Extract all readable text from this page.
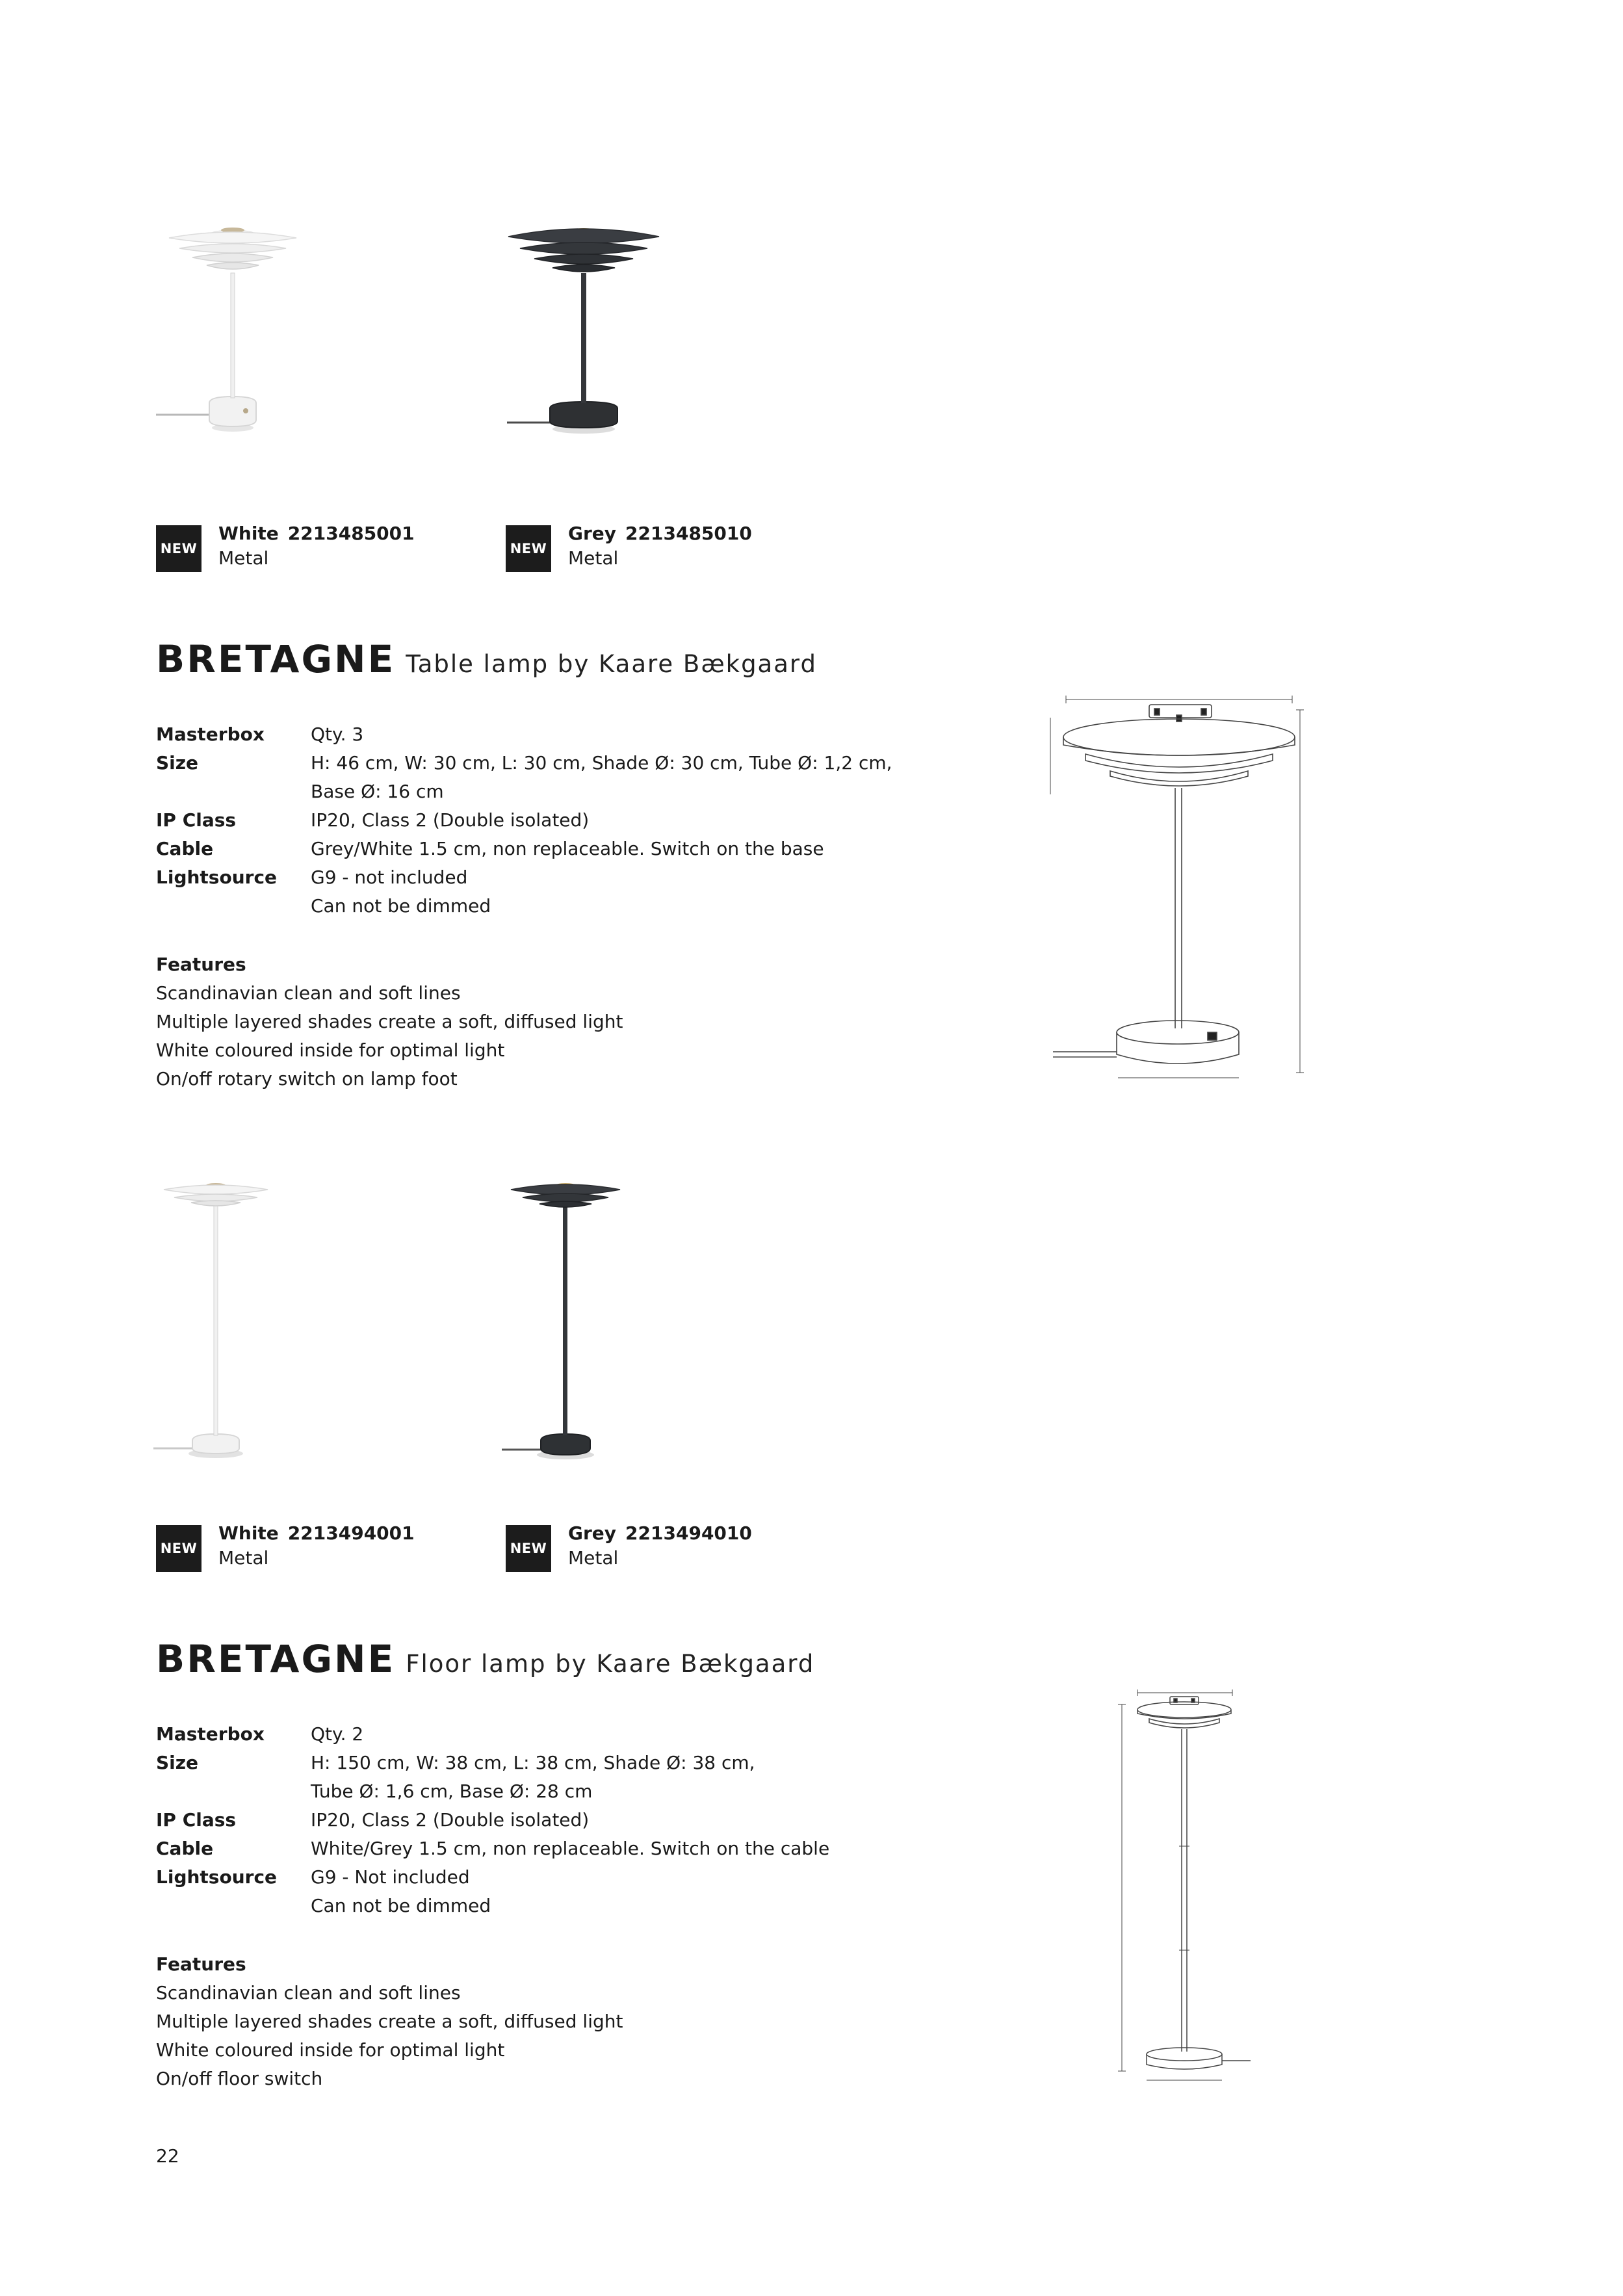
NEW
White 2213485001
Metal	NEW
Grey 2213485010
Metal
BRETAGNE Table lamp by Kaare Bækgaard
Masterbox	Qty. 3
Size	H: 46 cm, W: 30 cm, L: 30 cm, Shade Ø: 30 cm, Tube Ø: 1,2 cm,
Base Ø: 16 cm
IP Class	IP20, Class 2 (Double isolated)
Cable	Grey/White 1.5 cm, non replaceable. Switch on the base
Lightsource	G9 - not included
Can not be dimmed
Features
Scandinavian clean and soft lines
Multiple layered shades create a soft, diffused light
White coloured inside for optimal light
On/off rotary switch on lamp foot
NEW
White 2213494001
Metal	NEW
Grey 2213494010
Metal
BRETAGNE Floor lamp by Kaare Bækgaard
Masterbox	Qty. 2
Size	H: 150 cm, W: 38 cm, L: 38 cm, Shade Ø: 38 cm,
Tube Ø: 1,6 cm, Base Ø: 28 cm
IP Class	IP20, Class 2 (Double isolated)
Cable	White/Grey 1.5 cm, non replaceable. Switch on the cable
Lightsource	G9 - Not included
Can not be dimmed
Features
Scandinavian clean and soft lines
Multiple layered shades create a soft, diffused light
White coloured inside for optimal light
On/off floor switch
22
